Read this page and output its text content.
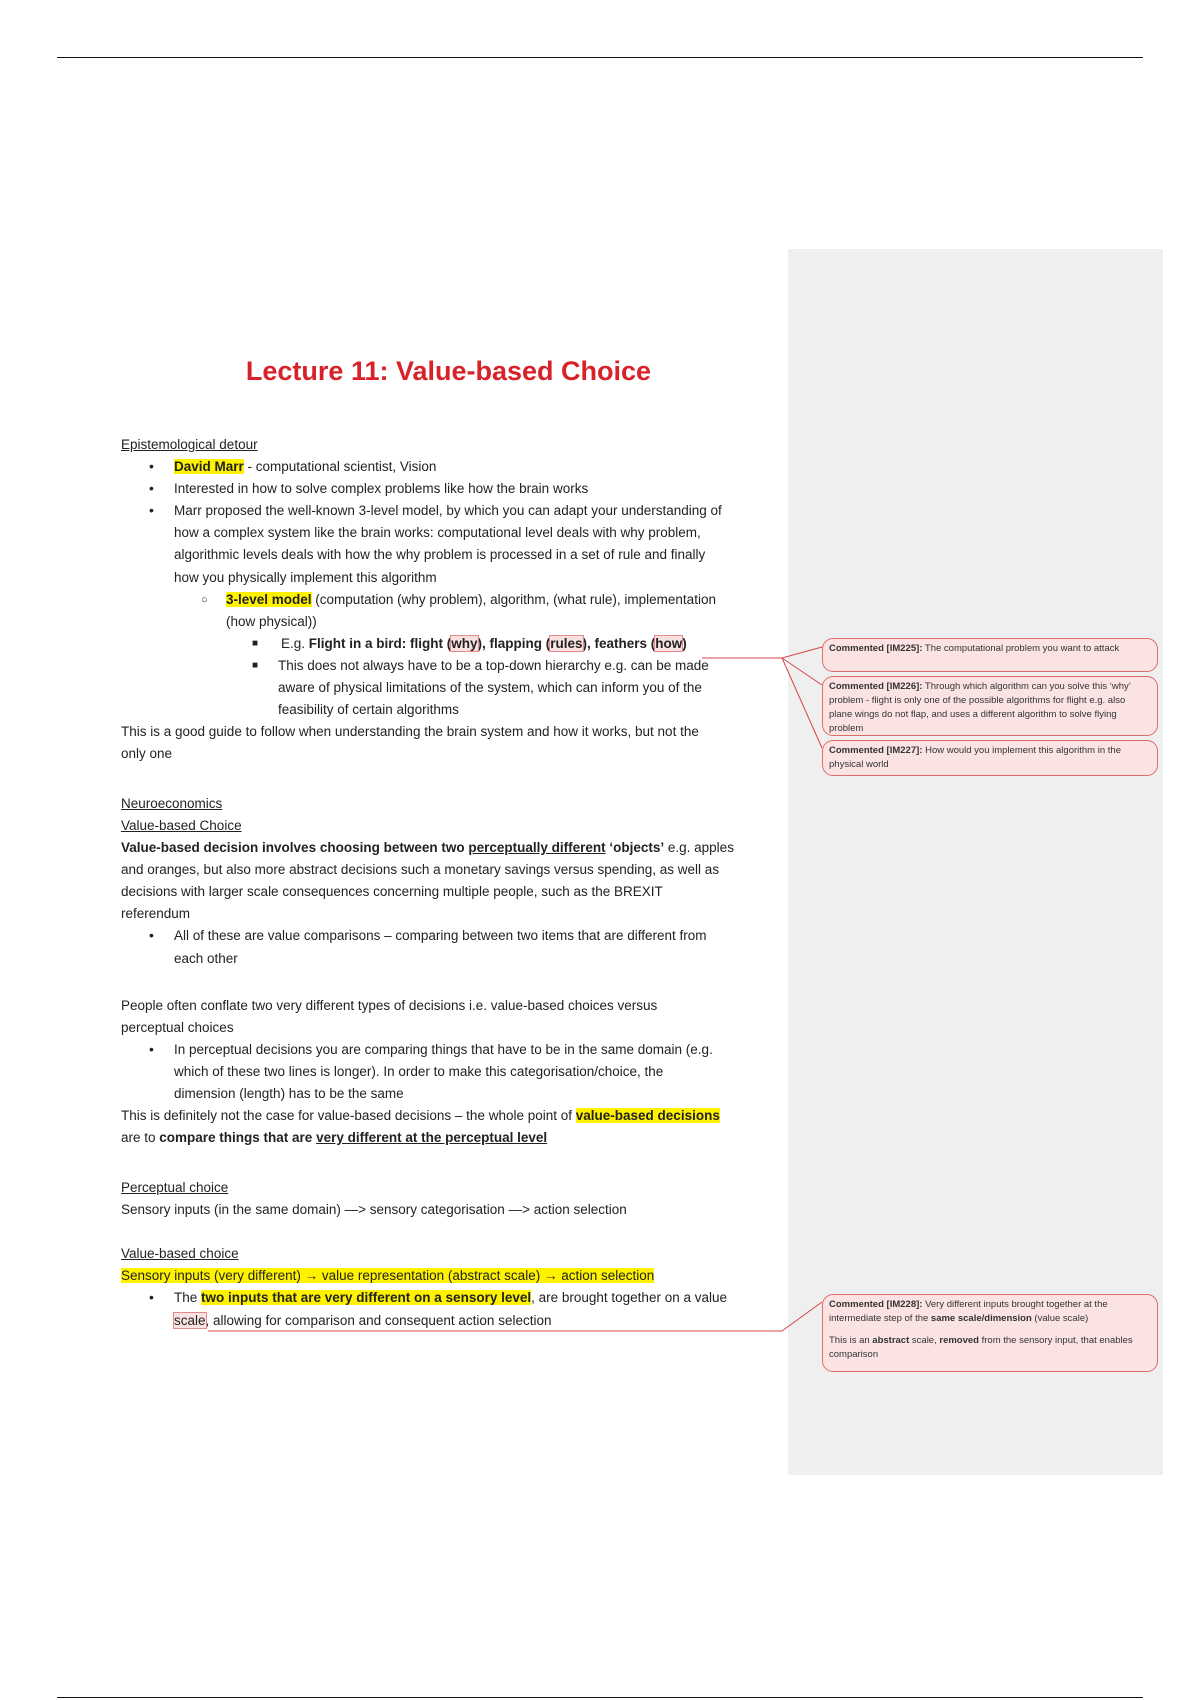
Lecture 11: Value-based Choice
Epistemological detour
• David Marr - computational scientist, Vision
• Interested in how to solve complex problems like how the brain works
• Marr proposed the well-known 3-level model, by which you can adapt your understanding of
how a complex system like the brain works: computational level deals with why problem,
algorithmic levels deals with how the why problem is processed in a set of rule and finally
how you physically implement this algorithm
○ 3-level model (computation (why problem), algorithm, (what rule), implementation
(how physical))
■ E.g. Flight in a bird: flight (why), flapping (rules), feathers (how)
■ This does not always have to be a top-down hierarchy e.g. can be made
aware of physical limitations of the system, which can inform you of the
feasibility of certain algorithms
This is a good guide to follow when understanding the brain system and how it works, but not the
only one
Neuroeconomics
Value-based Choice
Value-based decision involves choosing between two perceptually different ‘objects’ e.g. apples
and oranges, but also more abstract decisions such a monetary savings versus spending, as well as
decisions with larger scale consequences concerning multiple people, such as the BREXIT
referendum
• All of these are value comparisons – comparing between two items that are different from
each other
People often conflate two very different types of decisions i.e. value-based choices versus
perceptual choices
• In perceptual decisions you are comparing things that have to be in the same domain (e.g.
which of these two lines is longer). In order to make this categorisation/choice, the
dimension (length) has to be the same
This is definitely not the case for value-based decisions – the whole point of value-based decisions
are to compare things that are very different at the perceptual level
Perceptual choice
Sensory inputs (in the same domain) —> sensory categorisation —> action selection
Value-based choice
Sensory inputs (very different) → value representation (abstract scale) → action selection
• The two inputs that are very different on a sensory level, are brought together on a value
scale, allowing for comparison and consequent action selection
Commented [IM225]: The computational problem you want to attack
Commented [IM226]: Through which algorithm can you solve this ‘why’ problem - flight is only one of the possible algorithms for flight e.g. also plane wings do not flap, and uses a different algorithm to solve flying problem
Commented [IM227]: How would you implement this algorithm in the physical world
Commented [IM228]: Very different inputs brought together at the intermediate step of the same scale/dimension (value scale)
This is an abstract scale, removed from the sensory input, that enables comparison
